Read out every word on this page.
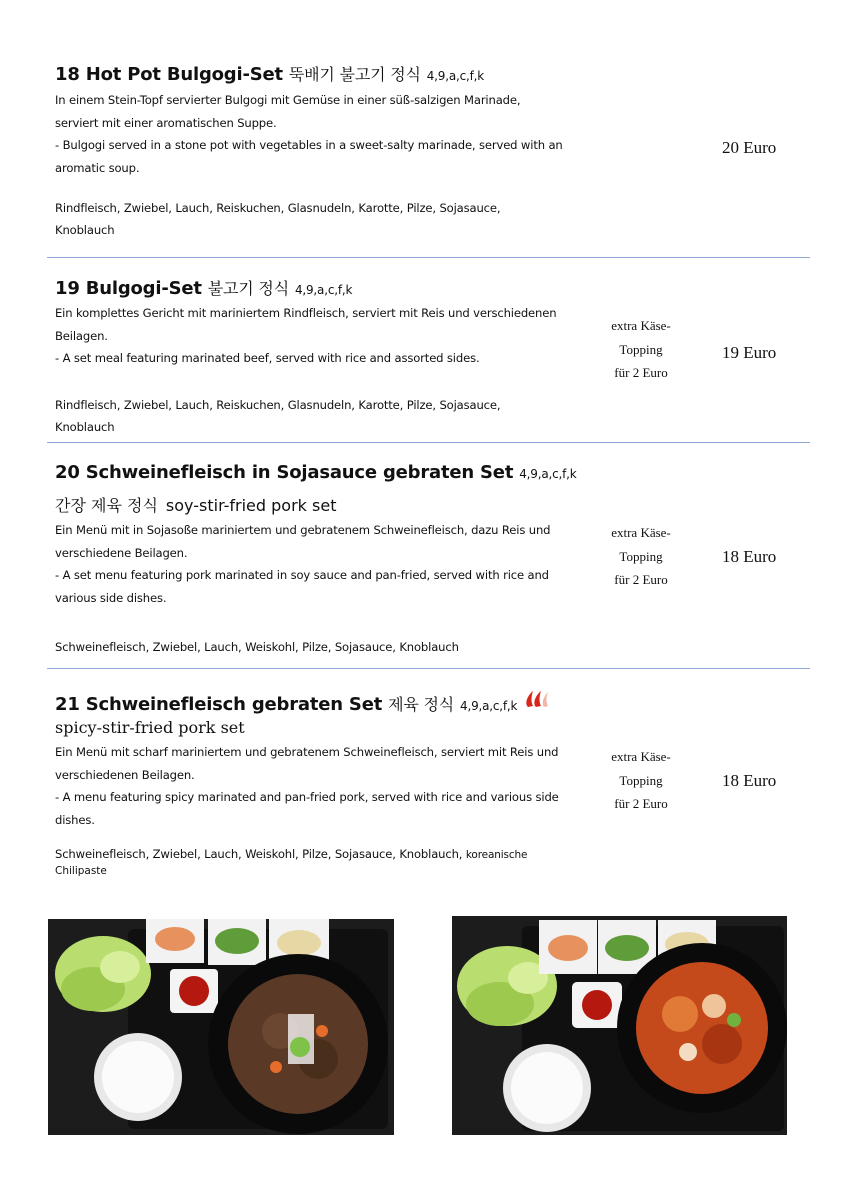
18 Hot Pot Bulgogi-Set 뚝배기 불고기 정식 4,9,a,c,f,k

In einem Stein-Topf servierter Bulgogi mit Gemüse in einer süß-salzigen Marinade, serviert mit einer aromatischen Suppe.

- Bulgogi served in a stone pot with vegetables in a sweet-salty marinade, served with an aromatic soup.

Rindfleisch, Zwiebel, Lauch, Reiskuchen, Glasnudeln, Karotte, Pilze, Sojasauce, Knoblauch
20 Euro
19 Bulgogi-Set 불고기 정식 4,9,a,c,f,k

Ein komplettes Gericht mit mariniertem Rindfleisch, serviert mit Reis und verschiedenen Beilagen.

- A set meal featuring marinated beef, served with rice and assorted sides.

Rindfleisch, Zwiebel, Lauch, Reiskuchen, Glasnudeln, Karotte, Pilze, Sojasauce, Knoblauch
extra Käse-
Topping
für 2 Euro
19 Euro
20 Schweinefleisch in Sojasauce gebraten Set 4,9,a,c,f,k
간장 제육 정식 soy-stir-fried pork set

Ein Menü mit in Sojasoße mariniertem und gebratenem Schweinefleisch, dazu Reis und verschiedene Beilagen.

- A set menu featuring pork marinated in soy sauce and pan-fried, served with rice and various side dishes.

Schweinefleisch, Zwiebel, Lauch, Weiskohl, Pilze, Sojasauce, Knoblauch
extra Käse-
Topping
für 2 Euro
18 Euro
21 Schweinefleisch gebraten Set 제육 정식 4,9,a,c,f,k
spicy-stir-fried pork set

Ein Menü mit scharf mariniertem und gebratenem Schweinefleisch, serviert mit Reis und verschiedenen Beilagen.

- A menu featuring spicy marinated and pan-fried pork, served with rice and various side dishes.

Schweinefleisch, Zwiebel, Lauch, Weiskohl, Pilze, Sojasauce, Knoblauch, koreanische
Chilipaste
extra Käse-
Topping
für 2 Euro
18 Euro
